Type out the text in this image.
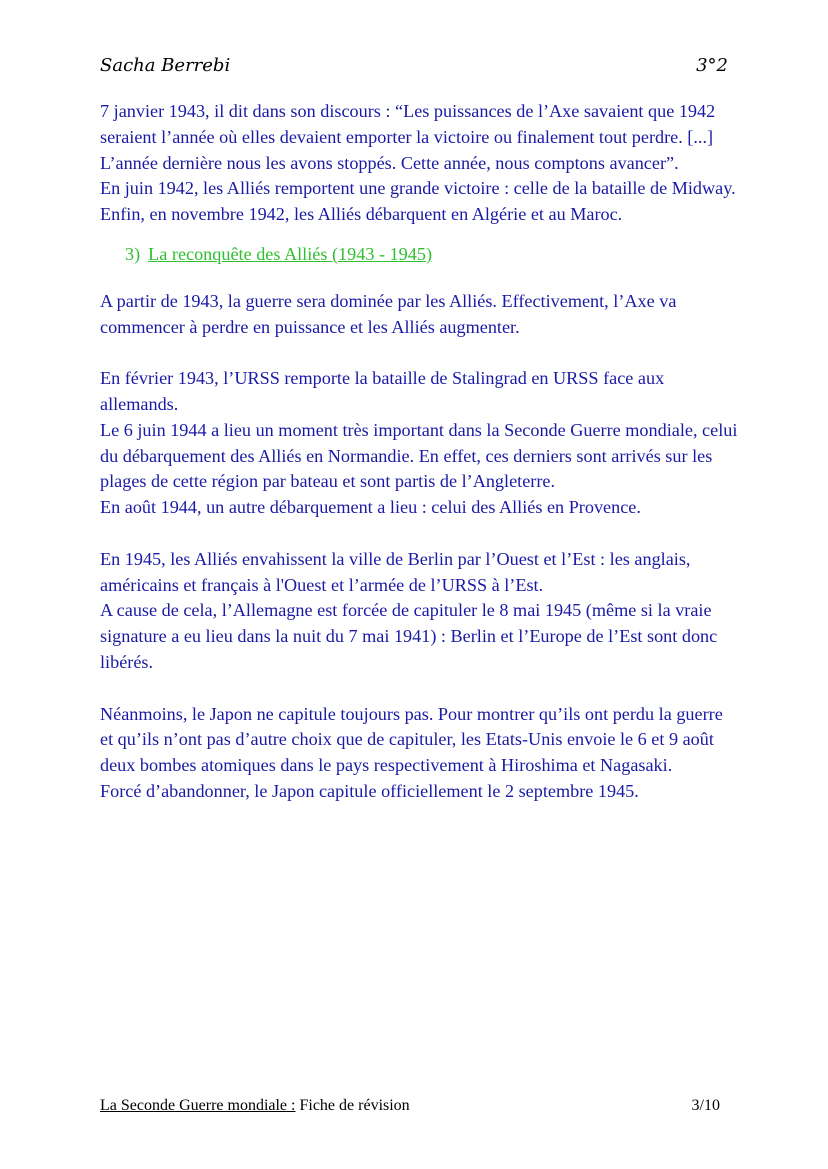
Sacha Berrebi	3°2

7 janvier 1943, il dit dans son discours : “Les puissances de l’Axe savaient que 1942 seraient l’année où elles devaient emporter la victoire ou finalement tout perdre. [...] L’année dernière nous les avons stoppés. Cette année, nous comptons avancer”.

En juin 1942, les Alliés remportent une grande victoire : celle de la bataille de Midway.

Enfin, en novembre 1942, les Alliés débarquent en Algérie et au Maroc.

3) La reconquête des Alliés (1943 - 1945)

A partir de 1943, la guerre sera dominée par les Alliés. Effectivement, l’Axe va commencer à perdre en puissance et les Alliés augmenter.

En février 1943, l’URSS remporte la bataille de Stalingrad en URSS face aux allemands.

Le 6 juin 1944 a lieu un moment très important dans la Seconde Guerre mondiale, celui du débarquement des Alliés en Normandie. En effet, ces derniers sont arrivés sur les plages de cette région par bateau et sont partis de l’Angleterre.

En août 1944, un autre débarquement a lieu : celui des Alliés en Provence.

En 1945, les Alliés envahissent la ville de Berlin par l’Ouest et l’Est : les anglais, américains et français à l'Ouest et l’armée de l’URSS à l’Est.

A cause de cela, l’Allemagne est forcée de capituler le 8 mai 1945 (même si la vraie signature a eu lieu dans la nuit du 7 mai 1941) : Berlin et l’Europe de l’Est sont donc libérés.

Néanmoins, le Japon ne capitule toujours pas. Pour montrer qu’ils ont perdu la guerre et qu’ils n’ont pas d’autre choix que de capituler, les Etats-Unis envoie le 6 et 9 août deux bombes atomiques dans le pays respectivement à Hiroshima et Nagasaki.

Forcé d’abandonner, le Japon capitule officiellement le 2 septembre 1945.

La Seconde Guerre mondiale : Fiche de révision	3/10
